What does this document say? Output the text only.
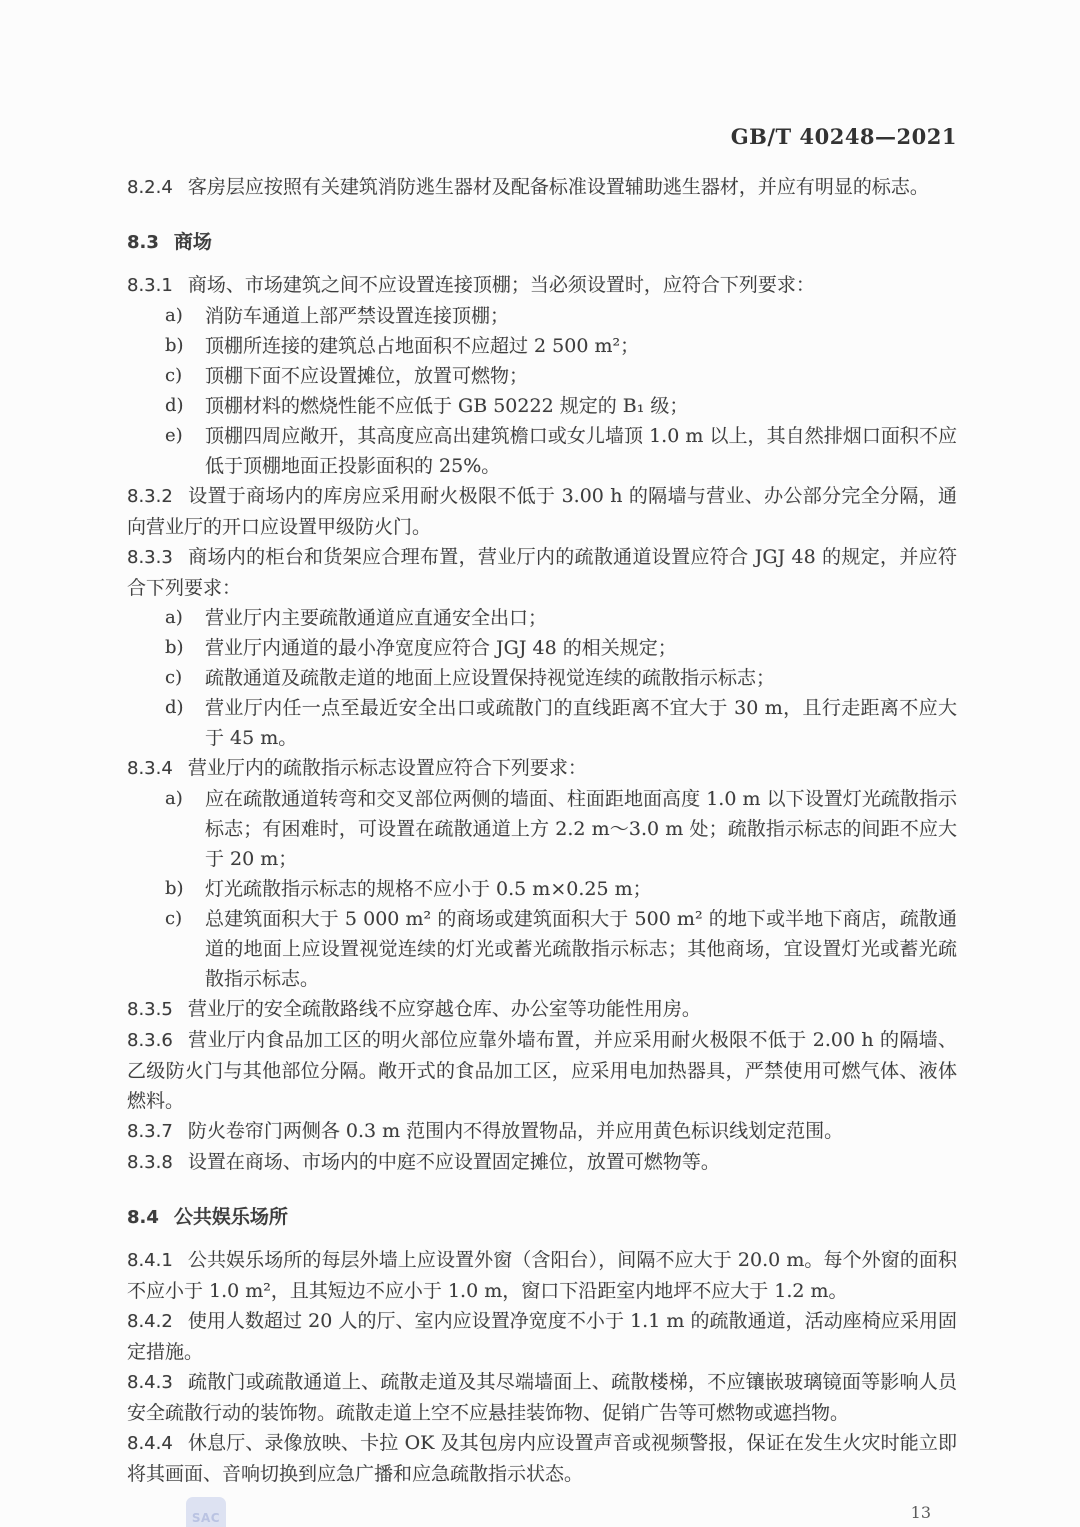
GB/T 40248—2021

8.2.4 客房层应按照有关建筑消防逃生器材及配备标准设置辅助逃生器材，并应有明显的标志。

8.3 商场

8.3.1 商场、市场建筑之间不应设置连接顶棚；当必须设置时，应符合下列要求：

a) 消防车通道上部严禁设置连接顶棚；

b) 顶棚所连接的建筑总占地面积不应超过 2 500 m²；

c) 顶棚下面不应设置摊位，放置可燃物；

d) 顶棚材料的燃烧性能不应低于 GB 50222 规定的 B₁ 级；

e) 顶棚四周应敞开，其高度应高出建筑檐口或女儿墙顶 1.0 m 以上，其自然排烟口面积不应低于顶棚地面正投影面积的 25%。

8.3.2 设置于商场内的库房应采用耐火极限不低于 3.00 h 的隔墙与营业、办公部分完全分隔，通向营业厅的开口应设置甲级防火门。

8.3.3 商场内的柜台和货架应合理布置，营业厅内的疏散通道设置应符合 JGJ 48 的规定，并应符合下列要求：

a) 营业厅内主要疏散通道应直通安全出口；

b) 营业厅内通道的最小净宽度应符合 JGJ 48 的相关规定；

c) 疏散通道及疏散走道的地面上应设置保持视觉连续的疏散指示标志；

d) 营业厅内任一点至最近安全出口或疏散门的直线距离不宜大于 30 m，且行走距离不应大于 45 m。

8.3.4 营业厅内的疏散指示标志设置应符合下列要求：

a) 应在疏散通道转弯和交叉部位两侧的墙面、柱面距地面高度 1.0 m 以下设置灯光疏散指示标志；有困难时，可设置在疏散通道上方 2.2 m～3.0 m 处；疏散指示标志的间距不应大于 20 m；

b) 灯光疏散指示标志的规格不应小于 0.5 m×0.25 m；

c) 总建筑面积大于 5 000 m² 的商场或建筑面积大于 500 m² 的地下或半地下商店，疏散通道的地面上应设置视觉连续的灯光或蓄光疏散指示标志；其他商场，宜设置灯光或蓄光疏散指示标志。

8.3.5 营业厅的安全疏散路线不应穿越仓库、办公室等功能性用房。

8.3.6 营业厅内食品加工区的明火部位应靠外墙布置，并应采用耐火极限不低于 2.00 h 的隔墙、乙级防火门与其他部位分隔。敞开式的食品加工区，应采用电加热器具，严禁使用可燃气体、液体燃料。

8.3.7 防火卷帘门两侧各 0.3 m 范围内不得放置物品，并应用黄色标识线划定范围。

8.3.8 设置在商场、市场内的中庭不应设置固定摊位，放置可燃物等。

8.4 公共娱乐场所

8.4.1 公共娱乐场所的每层外墙上应设置外窗（含阳台），间隔不应大于 20.0 m。每个外窗的面积不应小于 1.0 m²，且其短边不应小于 1.0 m，窗口下沿距室内地坪不应大于 1.2 m。

8.4.2 使用人数超过 20 人的厅、室内应设置净宽度不小于 1.1 m 的疏散通道，活动座椅应采用固定措施。

8.4.3 疏散门或疏散通道上、疏散走道及其尽端墙面上、疏散楼梯，不应镶嵌玻璃镜面等影响人员安全疏散行动的装饰物。疏散走道上空不应悬挂装饰物、促销广告等可燃物或遮挡物。

8.4.4 休息厅、录像放映、卡拉 OK 及其包房内应设置声音或视频警报，保证在发生火灾时能立即将其画面、音响切换到应急广播和应急疏散指示状态。

13
SAC
